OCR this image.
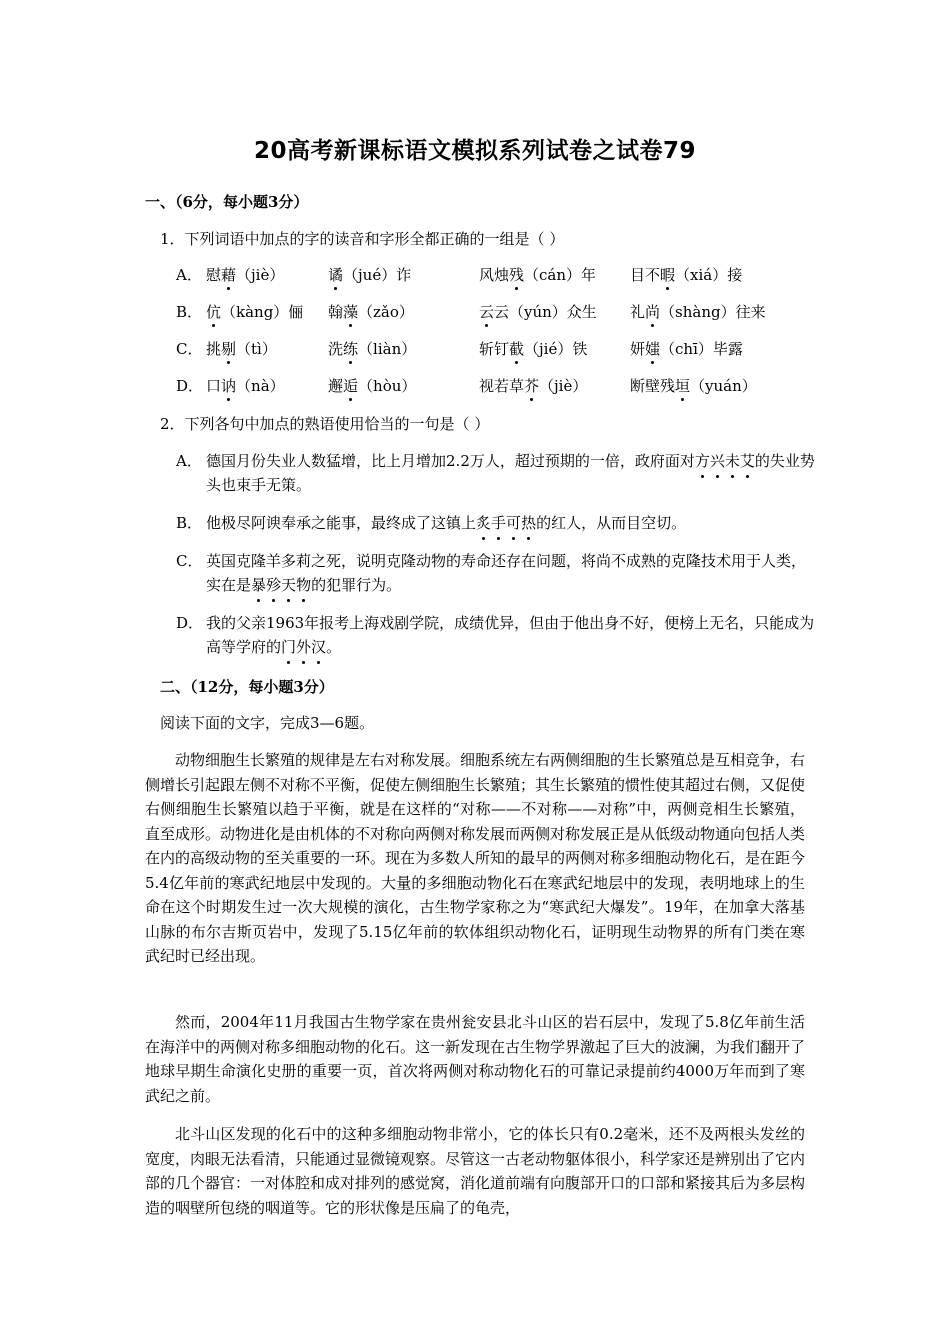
20高考新课标语文模拟系列试卷之试卷79
一、（6分，每小题3分）
1．下列词语中加点的字的读音和字形全都正确的一组是（ ）
A． 慰藉（jiè）	谲（jué）诈	风烛残（cán）年 目不暇（xiá）接
B． 伉（kàng）俪 翰藻（zǎo）	云云（yún）众生 礼尚（shàng）往来
C． 挑剔（tì）	洗练（liàn）	斩钉截（jié）铁	妍媸（chī）毕露
D． 口讷（nà）	邂逅（hòu）	视若草芥（jiè）	断壁残垣（yuán）
2．下列各句中加点的熟语使用恰当的一句是（ ）
A． 德国月份失业人数猛增，比上月增加2.2万人，超过预期的一倍，政府面对方兴未艾的失业势头也束手无策。
B． 他极尽阿谀奉承之能事，最终成了这镇上炙手可热的红人，从而目空切。
C． 英国克隆羊多莉之死，说明克隆动物的寿命还存在问题，将尚不成熟的克隆技术用于人类，实在是暴殄天物的犯罪行为。
D． 我的父亲1963年报考上海戏剧学院，成绩优异，但由于他出身不好，便榜上无名，只能成为高等学府的门外汉。
二、（12分，每小题3分）
阅读下面的文字，完成3—6题。
动物细胞生长繁殖的规律是左右对称发展。细胞系统左右两侧细胞的生长繁殖总是互相竞争，右侧增长引起跟左侧不对称不平衡，促使左侧细胞生长繁殖；其生长繁殖的惯性使其超过右侧，又促使右侧细胞生长繁殖以趋于平衡，就是在这样的“对称——不对称——对称”中，两侧竞相生长繁殖，直至成形。动物进化是由机体的不对称向两侧对称发展而两侧对称发展正是从低级动物通向包括人类在内的高级动物的至关重要的一环。现在为多数人所知的最早的两侧对称多细胞动物化石，是在距今5.4亿年前的寒武纪地层中发现的。大量的多细胞动物化石在寒武纪地层中的发现，表明地球上的生命在这个时期发生过一次大规模的演化，古生物学家称之为“寒武纪大爆发”。19年，在加拿大落基山脉的布尔吉斯页岩中，发现了5.15亿年前的软体组织动物化石，证明现生动物界的所有门类在寒武纪时已经出现。
然而，2004年11月我国古生物学家在贵州瓮安县北斗山区的岩石层中，发现了5.8亿年前生活在海洋中的两侧对称多细胞动物的化石。这一新发现在古生物学界激起了巨大的波澜，为我们翻开了地球早期生命演化史册的重要一页，首次将两侧对称动物化石的可靠记录提前约4000万年而到了寒武纪之前。
北斗山区发现的化石中的这种多细胞动物非常小，它的体长只有0.2毫米，还不及两根头发丝的宽度，肉眼无法看清，只能通过显微镜观察。尽管这一古老动物躯体很小，科学家还是辨别出了它内部的几个器官：一对体腔和成对排列的感觉窝，消化道前端有向腹部开口的口部和紧接其后为多层构造的咽壁所包绕的咽道等。它的形状像是压扁了的龟壳，
